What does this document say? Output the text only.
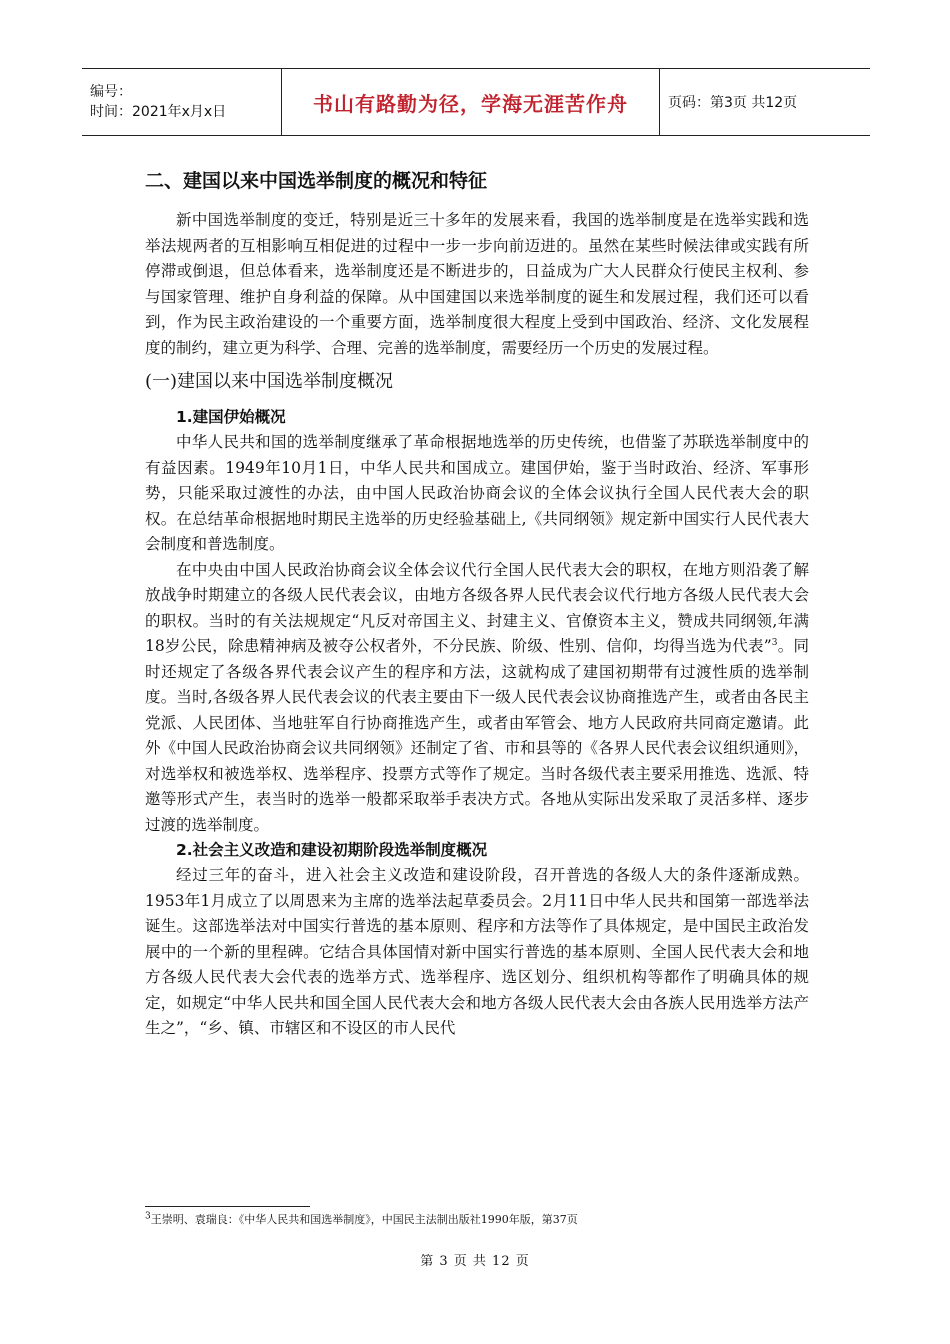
编号：
时间：2021年x月x日	书山有路勤为径，学海无涯苦作舟	页码：第3页 共12页
二、建国以来中国选举制度的概况和特征

新中国选举制度的变迁，特别是近三十多年的发展来看，我国的选举制度是在选举实践和选举法规两者的互相影响互相促进的过程中一步一步向前迈进的。虽然在某些时候法律或实践有所停滞或倒退，但总体看来，选举制度还是不断进步的，日益成为广大人民群众行使民主权利、参与国家管理、维护自身利益的保障。从中国建国以来选举制度的诞生和发展过程，我们还可以看到，作为民主政治建设的一个重要方面，选举制度很大程度上受到中国政治、经济、文化发展程度的制约，建立更为科学、合理、完善的选举制度，需要经历一个历史的发展过程。

(一)建国以来中国选举制度概况
1.建国伊始概况

中华人民共和国的选举制度继承了革命根据地选举的历史传统，也借鉴了苏联选举制度中的有益因素。1949年10月1日，中华人民共和国成立。建国伊始，鉴于当时政治、经济、军事形势，只能采取过渡性的办法，由中国人民政治协商会议的全体会议执行全国人民代表大会的职权。在总结革命根据地时期民主选举的历史经验基础上,《共同纲领》规定新中国实行人民代表大会制度和普选制度。

在中央由中国人民政治协商会议全体会议代行全国人民代表大会的职权，在地方则沿袭了解放战争时期建立的各级人民代表会议，由地方各级各界人民代表会议代行地方各级人民代表大会的职权。当时的有关法规规定“凡反对帝国主义、封建主义、官僚资本主义，赞成共同纲领,年满18岁公民，除患精神病及被夺公权者外，不分民族、阶级、性别、信仰，均得当选为代表”$^3$。同时还规定了各级各界代表会议产生的程序和方法，这就构成了建国初期带有过渡性质的选举制度。当时,各级各界人民代表会议的代表主要由下一级人民代表会议协商推选产生，或者由各民主党派、人民团体、当地驻军自行协商推选产生，或者由军管会、地方人民政府共同商定邀请。此外《中国人民政治协商会议共同纲领》还制定了省、市和县等的《各界人民代表会议组织通则》，对选举权和被选举权、选举程序、投票方式等作了规定。当时各级代表主要采用推选、选派、特邀等形式产生，表当时的选举一般都采取举手表决方式。各地从实际出发采取了灵活多样、逐步过渡的选举制度。

2.社会主义改造和建设初期阶段选举制度概况

经过三年的奋斗，进入社会主义改造和建设阶段，召开普选的各级人大的条件逐渐成熟。1953年1月成立了以周恩来为主席的选举法起草委员会。2月11日中华人民共和国第一部选举法诞生。这部选举法对中国实行普选的基本原则、程序和方法等作了具体规定，是中国民主政治发展中的一个新的里程碑。它结合具体国情对新中国实行普选的基本原则、全国人民代表大会和地方各级人民代表大会代表的选举方式、选举程序、选区划分、组织机构等都作了明确具体的规定，如规定“中华人民共和国全国人民代表大会和地方各级人民代表大会由各族人民用选举方法产生之”，“乡、镇、市辖区和不设区的市人民代

$^3$王崇明、袁瑞良：《中华人民共和国选举制度》，中国民主法制出版社1990年版，第37页
第 3 页 共 12 页
